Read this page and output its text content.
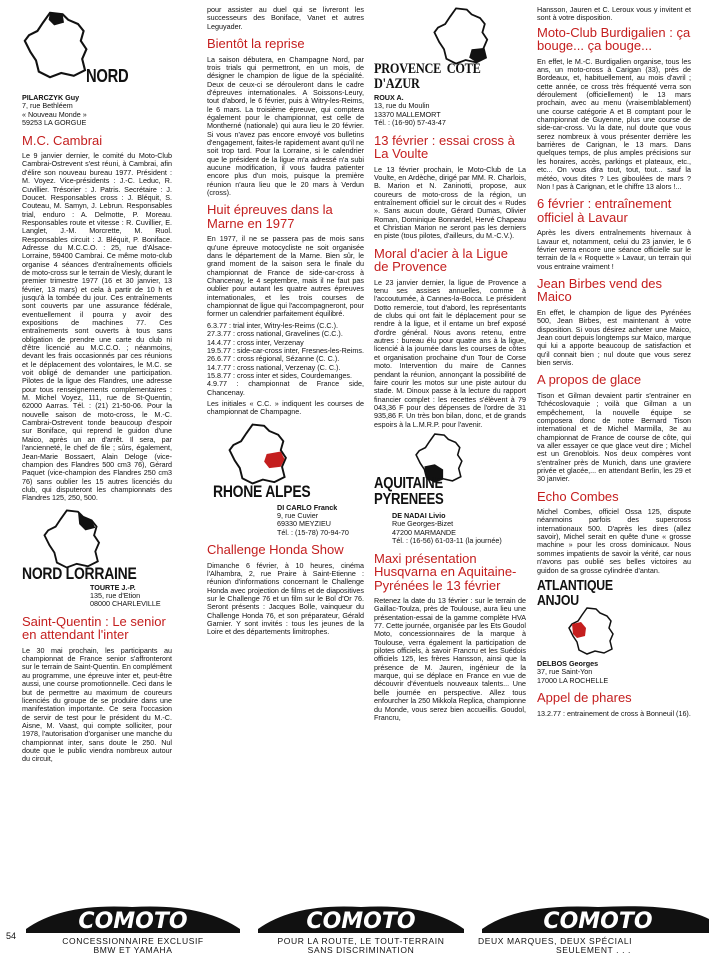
NORD
PILARCZYK Guy
7, rue Bethléem
« Nouveau Monde »
59253 LA GORGUE
M.C. Cambrai

Le 9 janvier dernier, le comité du Moto-Club Cambrai-Ostrevent s'est réuni, à Cambrai, afin d'élire son nouveau bureau 1977. Président : M. Voyez. Vice-présidents : J.-C. Leduc, R. Cuvillier. Trésorier : J. Patris. Secrétaire : J. Doucet. Responsables cross : J. Bléquit, S. Couteau, M. Samyn, J. Lebrun. Responsables trial, enduro : A. Delmotte, P. Moreau. Responsables route et vitesse : R. Cuvillier, E. Langlet, J.-M. Morcrette, M. Ruol. Responsables circuit : J. Bléquit, P. Boniface. Adresse du M.C.C.O. : 25, rue d'Alsace-Lorraine, 59400 Cambrai. Ce même moto-club organise 4 séances d'entraînements officiels de moto-cross sur le terrain de Viesly, durant le premier trimestre 1977 (16 et 30 janvier, 13 février, 13 mars) et cela à partir de 10 h et jusqu'à la tombée du jour. Ces entraînements sont couverts par une assurance fédérale, eventuellement il pourra y avoir des expositions de machines 77. Ces entraînements sont ouverts à tous sans obligation de prendre une carte du club ni d'être licencié au M.C.C.O. ; néanmoins, devant les frais occasionnés par ces réunions et le déplacement des volontaires, le M.C. se voit obligé de demander une participation. Pilotes de la ligue des Flandres, une adresse pour tous renseignements complementaires : M. Michel Voyez, 111, rue de St-Quentin, 62000 Aarras. Tél. : (21) 21-50-06. Pour la nouvelle saison de moto-cross, le M.-C. Cambrai-Ostrevent tonde beaucoup d'espoir sur Boniface, qui reprend le guidon d'une Maico, après un an d'arrêt. Il sera, par l'ancienneté, le chef de file ; sûrs, également, Jean-Marie Bossaert, Alain Deloge (vice-champion des Flandres 500 cm3 76), Gérard Paquet (vice-champion des Flandres 250 cm3 76) sans oublier les 15 autres licenciés du club, qui disputeront les championnats des Flandres 125, 250, 500.

NORD LORRAINE
TOURTE J.-P.
135, rue d'Etion
08000 CHARLEVILLE
Saint-Quentin : Le senior en attendant l'inter

Le 30 mai prochain, les participants au championnat de France senior s'affronteront sur le terrain de Saint-Quentin. En complément au programme, une épreuve inter et, peut-être aussi, une course promotionnelle. Ceci dans le but de permettre au maximum de coureurs licenciés du groupe de se produire dans une manifestation importante. Ce sera l'occasion de servir de test pour le président du M.-C. Aisne, M. Vaast, qui compte solliciter, pour 1978, l'autorisation d'organiser une manche du championnat inter, sans doute le 250. Nul doute que le public viendra nombreux autour du circuit,

pour assister au duel qui se livreront les successeurs des Boniface, Vanet et autres Leguyader.

Bientôt la reprise

La saison débutera, en Champagne Nord, par trois trials qui permettront, en un mois, de désigner le champion de ligue de la spécialité. Deux de ceux-ci se dérouleront dans le cadre d'épreuves internationales. A Soissons-Leury, tout d'abord, le 6 février, puis à Witry-les-Reims, le 6 mars. La troisième épreuve, qui comptera également pour le championnat, est celle de Montherné (nationale) qui aura lieu le 20 février. Si vous n'avez pas encore envoyé vos bulletins d'engagement, faites-le rapidement avant qu'il ne soit trop tard. Pour la Lorraine, si le calendrier que le président de la ligue m'a adressé n'a subi aucune modification, il vous faudra patienter encore plus d'un mois, puisque la première réunion n'aura lieu que le 20 mars à Verdun (cross).

Huit épreuves dans la Marne en 1977

En 1977, il ne se passera pas de mois sans qu'une épreuve motocycliste ne soit organisée dans le département de la Marne. Bien sûr, le grand moment de la saison sera le finale du championnat de France de side-car-cross à Chancenay, le 4 septembre, mais il ne faut pas oublier pour autant les quatre autres épreuves internationales, et les trois courses de championnat de ligue qui l'accompagneront, pour former un calendrier parfaitement équilibré.

6.3.77 : trial inter, Witry-les-Reims (C.C.).
27.3.77 : cross national, Gravelines (C.C.).
14.4.77 : cross inter, Verzenay
19.5.77 : side-car-cross inter, Fresnes-les-Reims.
26.6.77 : cross régional, Sézanne (C. C.).
14.7.77 : cross national, Verzenay (C. C.).
15.8.77 : cross inter et sides, Courdemanges.
4.9.77 : championnat de France side, Chancenay.

Les initiales « C.C. » indiquent les courses de championnat de Champagne.

RHONE ALPES
DI CARLO Franck
9, rue Cuvier
69330 MEYZIEU
Tél. : (15-78) 70-94-70
Challenge Honda Show

Dimanche 6 février, à 10 heures, cinéma l'Alhambra, 2, rue Praire à Saint-Etienne : réunion d'informations concernant le Challenge Honda avec projection de films et de diapositives sur le Challenge 76 et un film sur le Bol d'Or 76. Seront présents : Jacques Bolle, vainqueur du Challenge Honda 76, et son préparateur, Gérald Garnier. Y sont invités : tous les jeunes de la Loire et des départements limitrophes.

PROVENCE COTE D'AZUR
ROUX A.
13, rue du Moulin
13370 MALLEMORT
Tél. : (16-90) 57-43-47
13 février : essai cross à La Voulte

Le 13 février prochain, le Moto-Club de La Voulte, en Ardèche, dirigé par MM. R. Charlois, B. Marion et N. Zaninotti, propose, aux coureurs de moto-cross de la région, un entraînement officiel sur le circuit des « Rudes ». Sans aucun doute, Gérard Dumas, Olivier Roman, Dominique Bonnardel, Hervé Chapeau et Christian Marion ne seront pas les derniers en piste (tous pilotes, d'ailleurs, du M.-C.V.).

Moral d'acier à la Ligue de Provence

Le 23 janvier dernier, la ligue de Provence a tenu ses assises annuelles, comme à l'accoutumée, à Cannes-la-Bocca. Le président Dotto remercie, tout d'abord, les représentants de clubs qui ont fait le déplacement pour se rendre à la ligue, et il entame un bref exposé d'ordre général. Nous avons retenu, entre autres : bureau élu pour quatre ans à la ligue, licencié à la journée dans les courses de côtes et organisation prochaine d'un Tour de Corse moto. Intervention du maire de Cannes pendant la réunion, annonçant la possibilité de faire courir les motos sur une piste autour du stade. M. Dinoux passe à la lecture du rapport financier complet : les recettes s'élèvent à 79 043,36 F pour des dépenses de l'ordre de 31 935,86 F. Un très bon bilan, donc, et de grands espoirs à la L.M.R.P. pour l'avenir.

AQUITAINE PYRENEES
DE NADAI Livio
Rue Georges-Bizet
47200 MARMANDE
Tél. : (16-56) 61-03-11 (la journée)
Maxi présentation Husqvarna en Aquitaine-Pyrénées le 13 février

Retenez la date du 13 février : sur le terrain de Gaillac-Toulza, près de Toulouse, aura lieu une présentation-essai de la gamme complète HVA 77. Cette journée, organisée par les Ets Goudol Moto, concessionnaires de la marque à Toulouse, verra également la participation de pilotes officiels, à savoir Francru et les Suédois officiels 125, les frères Hansson, ainsi que la présence de M. Jauren, ingénieur de la marque, qui se déplace en France en vue de découvrir d'éventuels nouveaux talents... Une belle journée en perspective. Allez tous enfourcher la 250 Mikkola Replica, championne du Monde, vous serez bien accueillis. Goudol, Francru,

Hansson, Jauren et C. Leroux vous y invitent et sont à votre disposition.

Moto-Club Burdigalien : ça bouge... ça bouge...

En effet, le M.-C. Burdigalien organise, tous les ans, un moto-cross à Carigan (33), près de Bordeaux, et, habituellement, au mois d'avril ; cette année, ce cross très fréquenté verra son déroulement (officiellement) le 13 mars prochain, avec au menu (vraisemblablement) une course catégorie A et B comptant pour le championnat de Guyenne, plus une course de side-car-cross. Vu la date, nul doute que vous serez nombreux à vous présenter derrière les barrières de Carignan, le 13 mars. Dans quelques temps, de plus amples précisions sur les horaires, accès, parkings et plateaux, etc., etc... On vous dira tout, tout, tout... sauf la météo, vous dites ? Les giboulées de mars ? Non ! pas à Carignan, et le chiffre 13 alors !...

6 février : entraînement officiel à Lavaur

Après les divers entraînements hivernaux à Lavaur et, notamment, celui du 23 janvier, le 6 février verra encore une séance officielle sur le terrain de la « Roquette » Lavaur, un terrain qui vous entraine vraiment !

Jean Birbes vend des Maico

En effet, le champion de ligue des Pyrénées 500, Jean Birbes, est maintenant à votre disposition. Si vous désirez acheter une Maico, Jean court depuis longtemps sur Maico, marque qui lui a apporte beaucoup de satisfaction et qu'il connait bien ; nul doute que vous serez bien servis.

A propos de glace

Tison et Gilman devaient partir s'entrainer en Tchécoslovaquie ; voilà que Gilman a un empêchement, la nouvelle équipe se composera donc de notre Bernard Tison international et de Michel Marmilla, 3e au championnat de France de course de côte, qui va aller essayer ce que glace veut dire ; Michel est un Grenoblois. Nos deux compères vont s'entraîner près de Munich, dans une graviere privée et glacée,... en attendant Berlin, les 29 et 30 janvier.

Echo Combes

Michel Combes, officiel Ossa 125, dispute néanmoins parfois des supercross internationaux 500. D'après les dires (allez savoir), Michel serait en quête d'une « grosse machine » pour les cross dominicaux. Nous sommes impatients de savoir la vérité, car nous n'avons pas oublié ses belles victoires au guidon de sa grosse cylindrée d'antan.

ATLANTIQUE ANJOU
DELBOS Georges
37, rue Saint-Yon
17000 LA ROCHELLE
Appel de phares

13.2.77 : entrainement de cross à Bonneuil (16).

COMOTO
CONCESSIONNAIRE EXCLUSIF
BMW ET YAMAHA
COMOTO
POUR LA ROUTE, LE TOUT-TERRAIN
SANS DISCRIMINATION
COMOTO
DEUX MARQUES, DEUX SPÉCIALI
SEULEMENT . . .
54
